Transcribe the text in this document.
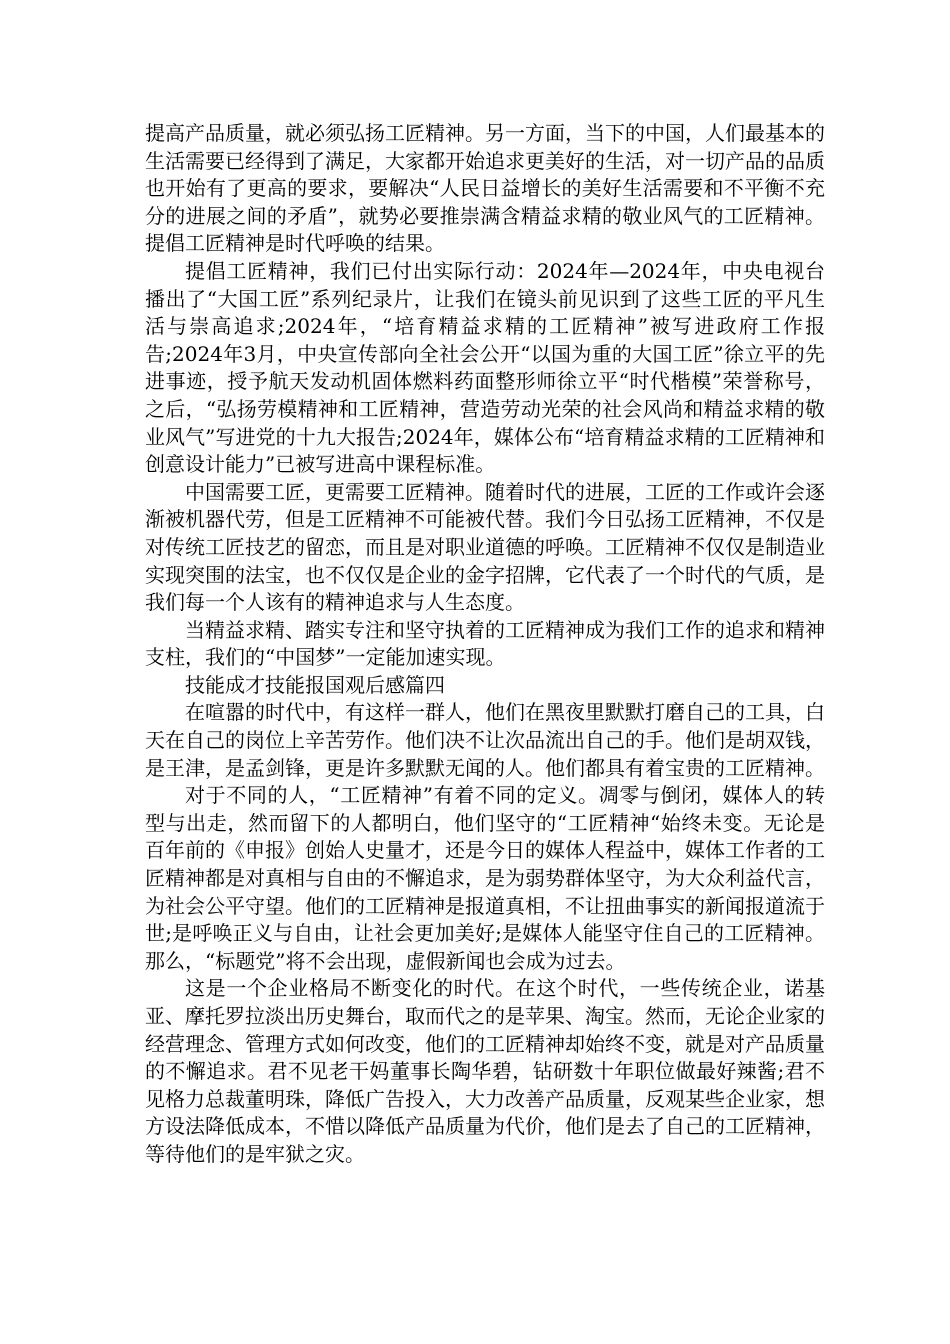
提高产品质量，就必须弘扬工匠精神。另一方面，当下的中国，人们最基本的生活需要已经得到了满足，大家都开始追求更美好的生活，对一切产品的品质也开始有了更高的要求，要解决“人民日益增长的美好生活需要和不平衡不充分的进展之间的矛盾”，就势必要推崇满含精益求精的敬业风气的工匠精神。提倡工匠精神是时代呼唤的结果。

提倡工匠精神，我们已付出实际行动：2024年—2024年，中央电视台播出了“大国工匠”系列纪录片，让我们在镜头前见识到了这些工匠的平凡生活与崇高追求;2024年，“培育精益求精的工匠精神”被写进政府工作报告;2024年3月，中央宣传部向全社会公开“以国为重的大国工匠”徐立平的先进事迹，授予航天发动机固体燃料药面整形师徐立平“时代楷模”荣誉称号，之后，“弘扬劳模精神和工匠精神，营造劳动光荣的社会风尚和精益求精的敬业风气”写进党的十九大报告;2024年，媒体公布“培育精益求精的工匠精神和创意设计能力”已被写进高中课程标准。

中国需要工匠，更需要工匠精神。随着时代的进展，工匠的工作或许会逐渐被机器代劳，但是工匠精神不可能被代替。我们今日弘扬工匠精神，不仅是对传统工匠技艺的留恋，而且是对职业道德的呼唤。工匠精神不仅仅是制造业实现突围的法宝，也不仅仅是企业的金字招牌，它代表了一个时代的气质，是我们每一个人该有的精神追求与人生态度。

当精益求精、踏实专注和坚守执着的工匠精神成为我们工作的追求和精神支柱，我们的“中国梦”一定能加速实现。

技能成才技能报国观后感篇四

在喧嚣的时代中，有这样一群人，他们在黑夜里默默打磨自己的工具，白天在自己的岗位上辛苦劳作。他们决不让次品流出自己的手。他们是胡双钱，是王津，是孟剑锋，更是许多默默无闻的人。他们都具有着宝贵的工匠精神。

对于不同的人，“工匠精神”有着不同的定义。凋零与倒闭，媒体人的转型与出走，然而留下的人都明白，他们坚守的“工匠精神“始终未变。无论是百年前的《申报》创始人史量才，还是今日的媒体人程益中，媒体工作者的工匠精神都是对真相与自由的不懈追求，是为弱势群体坚守，为大众利益代言，为社会公平守望。他们的工匠精神是报道真相，不让扭曲事实的新闻报道流于世;是呼唤正义与自由，让社会更加美好;是媒体人能坚守住自己的工匠精神。那么，“标题党”将不会出现，虚假新闻也会成为过去。

这是一个企业格局不断变化的时代。在这个时代，一些传统企业，诺基亚、摩托罗拉淡出历史舞台，取而代之的是苹果、淘宝。然而，无论企业家的经营理念、管理方式如何改变，他们的工匠精神却始终不变，就是对产品质量的不懈追求。君不见老干妈董事长陶华碧，钻研数十年职位做最好辣酱;君不见格力总裁董明珠，降低广告投入，大力改善产品质量，反观某些企业家，想方设法降低成本，不惜以降低产品质量为代价，他们是去了自己的工匠精神，等待他们的是牢狱之灾。
